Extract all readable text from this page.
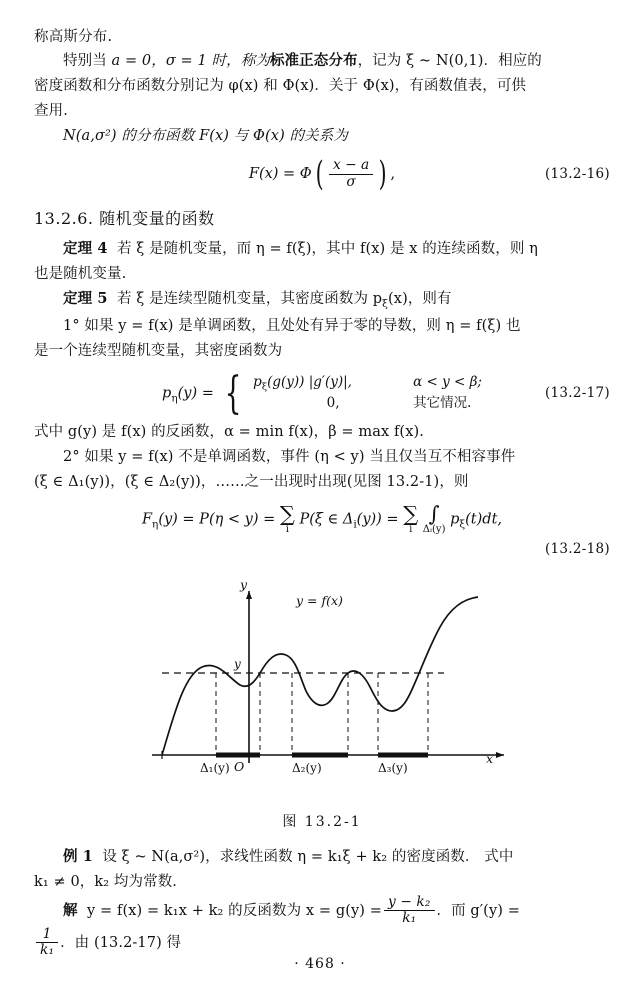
称高斯分布.

特别当 a = 0，σ = 1 时，称为标准正态分布，记为 ξ ~ N(0,1)．相应的

密度函数和分布函数分别记为 φ(x) 和 Φ(x)．关于 Φ(x)，有函数值表，可供

查用.

N(a,σ²) 的分布函数 F(x) 与 Φ(x) 的关系为

F(x) = Φ ( $\frac{x - a}{\sigma}$ ) ,	(13.2-16)
13.2.6. 随机变量的函数

定理 4 若 ξ 是随机变量，而 η = f(ξ)，其中 f(x) 是 x 的连续函数，则 η

也是随机变量.

定理 5 若 ξ 是连续型随机变量，其密度函数为 $p_\xi(x)$，则有

1° 如果 y = f(x) 是单调函数，且处处有异于零的导数，则 η = f(ξ) 也

是一个连续型随机变量，其密度函数为

$p_\eta(y)$ = { $p_\xi(g(y))$ |g′(y)|,	α < y < β;
0,	其它情况.
(13.2-17)

式中 g(y) 是 f(x) 的反函数，α = min f(x)，β = max f(x).

2° 如果 y = f(x) 不是单调函数，事件 (η < y) 当且仅当互不相容事件

(ξ ∈ Δ₁(y))，(ξ ∈ Δ₂(y))，……之一出现时出现(见图 13.2-1)，则

$F_\eta(y) = P(\eta < y)$ = ∑
i
P(ξ ∈ $\Delta_i(y)$) = ∑
i

∫
Δᵢ(y)
$p_\xi(t)dt$,
(13.2-18)
y
x
O
y
y = f(x)
Δ₁(y)	Δ₂(y)	Δ₃(y)
图 13.2-1

例 1 设 ξ ~ N(a,σ²)，求线性函数 η = k₁ξ + k₂ 的密度函数． 式中

k₁ ≠ 0，k₂ 均为常数.

解 y = f(x) = k₁x + k₂ 的反函数为 $x = g(y) = \frac{\text{y − k₂}}{\text{k₁}}$ ．而 g′(y) =

$\frac{1}{\text{k₁}}$ ．由 (13.2-17) 得

· 468 ·
